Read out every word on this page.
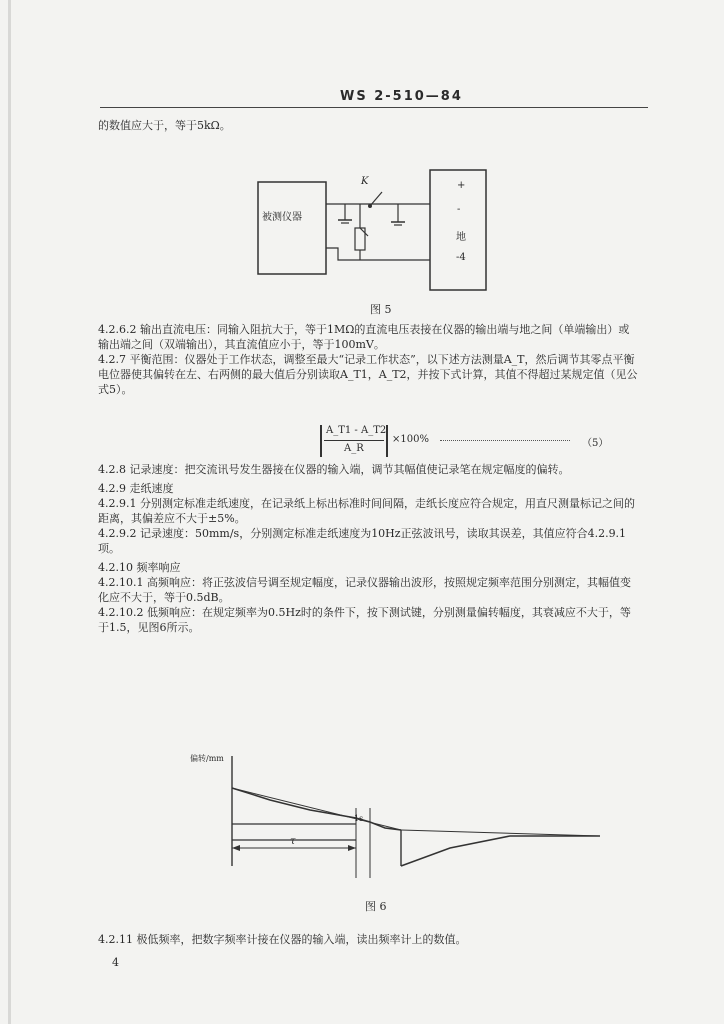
WS 2-510—84
的数值应大于，等于5kΩ。
K
被测仪器
+
-
地
-4
图 5

4.2.6.2 输出直流电压：同输入阻抗大于，等于1MΩ的直流电压表接在仪器的输出端与地之间（单端输出）或输出端之间（双端输出），其直流值应小于，等于100mV。

4.2.7 平衡范围：仪器处于工作状态，调整至最大“记录工作状态”，以下述方法测量A_T，然后调节其零点平衡电位器使其偏转在左、右两侧的最大值后分别读取A_T1，A_T2，并按下式计算，其值不得超过某规定值（见公式5）。

A_T1 - A_T2
A_R
×100%	（5）

4.2.8 记录速度：把交流讯号发生器接在仪器的输入端，调节其幅值使记录笔在规定幅度的偏转。

4.2.9 走纸速度

4.2.9.1 分别测定标准走纸速度，在记录纸上标出标准时间间隔，走纸长度应符合规定，用直尺测量标记之间的距离，其偏差应不大于±5%。

4.2.9.2 记录速度：50mm/s，分别测定标准走纸速度为10Hz正弦波讯号，读取其误差，其值应符合4.2.9.1项。

4.2.10 频率响应

4.2.10.1 高频响应：将正弦波信号调至规定幅度，记录仪器输出波形，按照规定频率范围分别测定，其幅值变化应不大于，等于0.5dB。

4.2.10.2 低频响应：在规定频率为0.5Hz时的条件下，按下测试键，分别测量偏转幅度，其衰减应不大于，等于1.5，见图6所示。

偏转/mm
1s
τ
图 6

4.2.11 极低频率，把数字频率计接在仪器的输入端，读出频率计上的数值。

4
